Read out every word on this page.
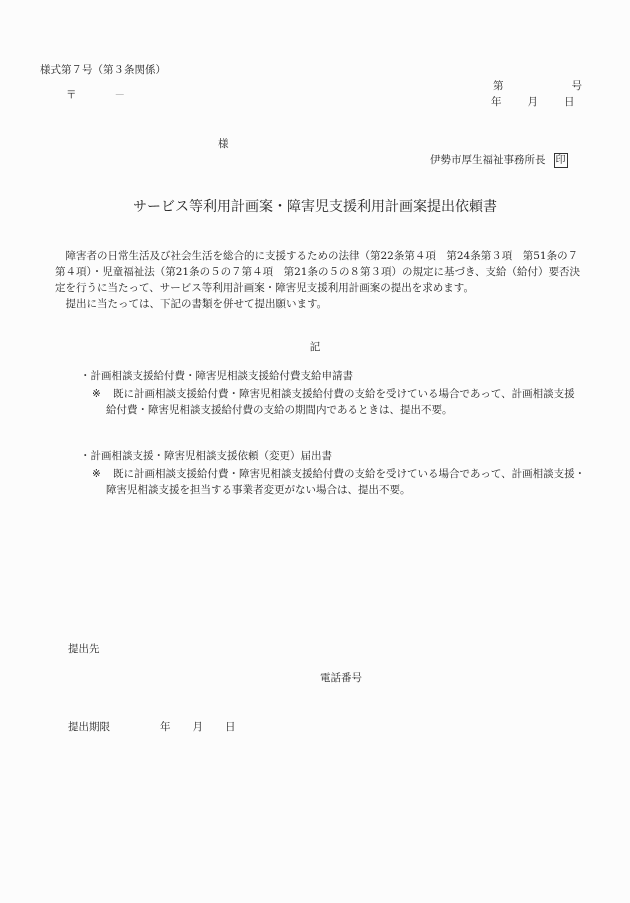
様式第７号（第３条関係）
〒	－
第	号
年 月 日
様
伊勢市厚生福祉事務所長 印
サービス等利用計画案・障害児支援利用計画案提出依頼書

障害者の日常生活及び社会生活を総合的に支援するための法律（第22条第４項　第24条第３項　第51条の７第４項）・児童福祉法（第21条の５の７第４項　第21条の５の８第３項）の規定に基づき、支給（給付）要否決定を行うに当たって、サービス等利用計画案・障害児支援利用計画案の提出を求めます。

提出に当たっては、下記の書類を併せて提出願います。

記
・計画相談支援給付費・障害児相談支援給付費支給申請書
※ 既に計画相談支援給付費・障害児相談支援給付費の支給を受けている場合であって、計画相談支援
給付費・障害児相談支援給付費の支給の期間内であるときは、提出不要。
・計画相談支援・障害児相談支援依頼（変更）届出書
※ 既に計画相談支援給付費・障害児相談支援給付費の支給を受けている場合であって、計画相談支援・
障害児相談支援を担当する事業者変更がない場合は、提出不要。
提出先
電話番号
提出期限	年 月 日
